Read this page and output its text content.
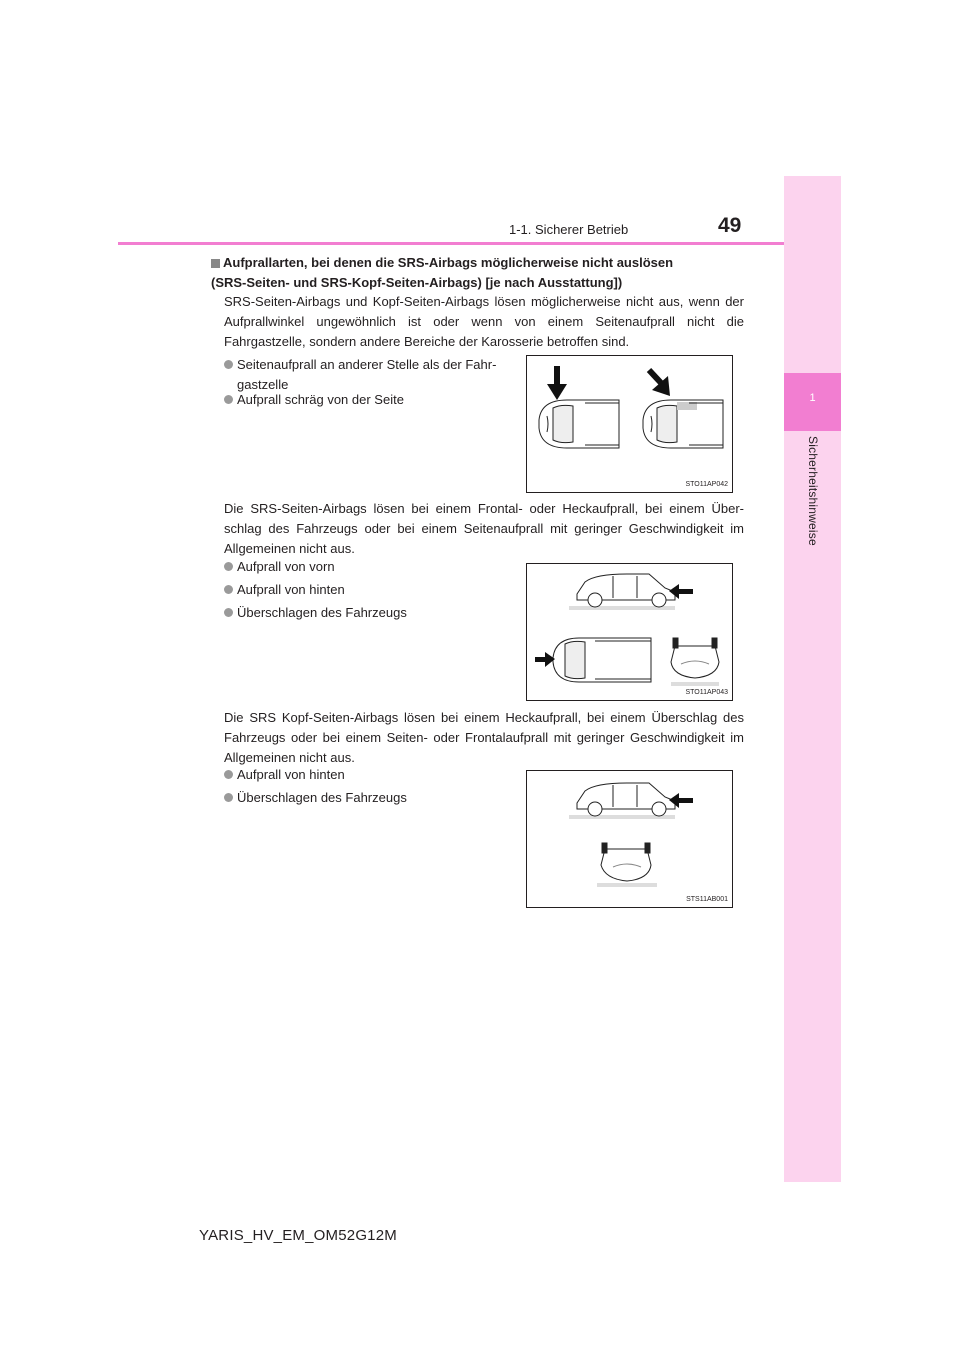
1
Sicherheitshinweise
1-1. Sicherer Betrieb	49
Aufprallarten, bei denen die SRS-Airbags möglicherweise nicht auslösen
(SRS-Seiten- und SRS-Kopf-Seiten-Airbags) [je nach Ausstattung])
SRS-Seiten-Airbags und Kopf-Seiten-Airbags lösen möglicherweise nicht aus, wenn der Aufprallwinkel ungewöhnlich ist oder wenn von einem Seitenaufprall nicht die Fahrgastzelle, sondern andere Bereiche der Karosserie betroffen sind.
Seitenaufprall an anderer Stelle als der Fahr-gastzelle
Aufprall schräg von der Seite
STO11AP042
Die SRS-Seiten-Airbags lösen bei einem Frontal- oder Heckaufprall, bei einem Über-schlag des Fahrzeugs oder bei einem Seitenaufprall mit geringer Geschwindigkeit im Allgemeinen nicht aus.
Aufprall von vorn
Aufprall von hinten
Überschlagen des Fahrzeugs
STO11AP043
Die SRS Kopf-Seiten-Airbags lösen bei einem Heckaufprall, bei einem Überschlag des Fahrzeugs oder bei einem Seiten- oder Frontalaufprall mit geringer Geschwindigkeit im Allgemeinen nicht aus.
Aufprall von hinten
Überschlagen des Fahrzeugs
STS11AB001
YARIS_HV_EM_OM52G12M
